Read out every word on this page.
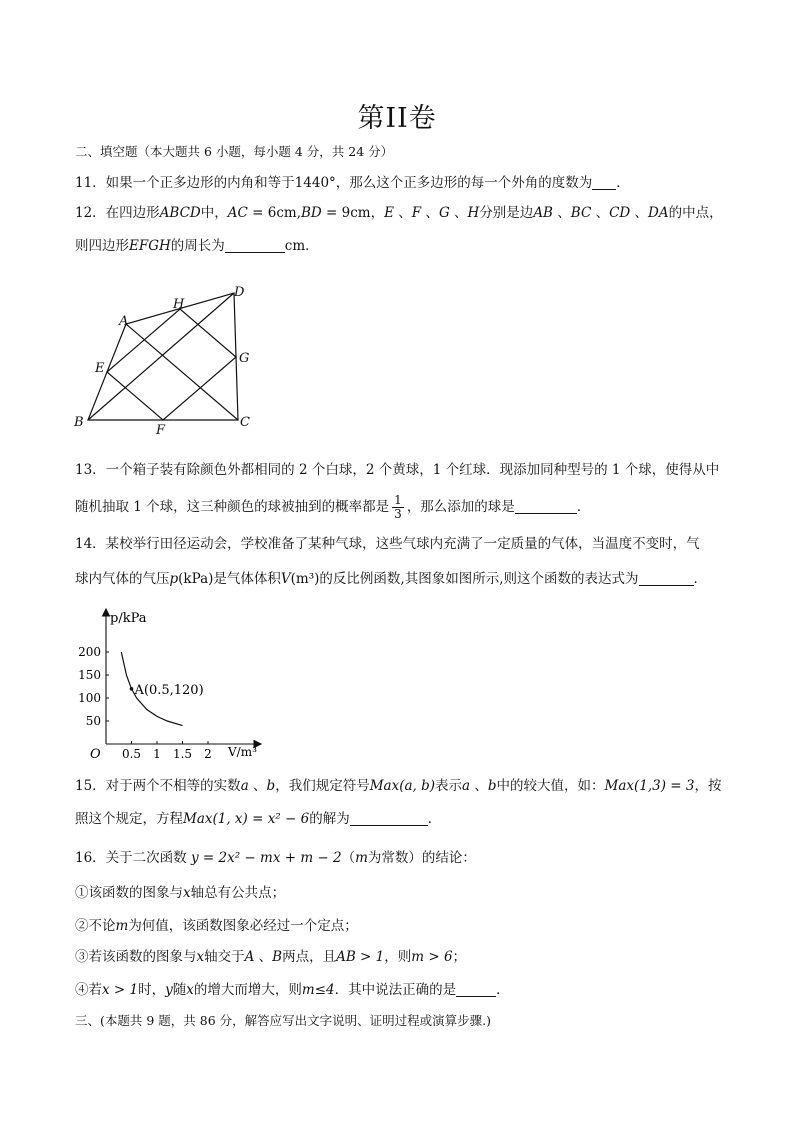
第II卷
二、填空题（本大题共 6 小题，每小题 4 分，共 24 分）
11．如果一个正多边形的内角和等于1440°，那么这个正多边形的每一个外角的度数为 ．
12．在四边形ABCD中，AC = 6cm,BD = 9cm，E 、F 、G 、H分别是边AB 、BC 、CD 、DA的中点，
则四边形EFGH的周长为	cm．
A
B	C
D
E
F
G
H
13．一个箱子装有除颜色外都相同的 2 个白球，2 个黄球，1 个红球．现添加同种型号的 1 个球，使得从中
随机抽取 1 个球，这三种颜色的球被抽到的概率都是 $\frac{1}{3}$ ，那么添加的球是	．
14．某校举行田径运动会，学校准备了某种气球，这些气球内充满了一定质量的气体，当温度不变时，气
球内气体的气压p(kPa)是气体体积V(m³)的反比例函数,其图象如图所示,则这个函数的表达式为	．
p/kPa
V/m³
O 0.5 1 1.5 2
50
100
150
200
A(0.5,120)
15．对于两个不相等的实数a 、b，我们规定符号Max(a, b)表示a 、b中的较大值，如：Max(1,3) = 3，按
照这个规定，方程Max(1, x) = x² − 6的解为	．
16．关于二次函数 y = 2x² − mx + m − 2（m为常数）的结论：
①该函数的图象与x轴总有公共点；
②不论m为何值，该函数图象必经过一个定点；
③若该函数的图象与x轴交于A 、B两点，且AB > 1，则m > 6；
④若x > 1时，y随x的增大而增大，则m≤4．其中说法正确的是	．
三、(本题共 9 题，共 86 分，解答应写出文字说明、证明过程或演算步骤.)
